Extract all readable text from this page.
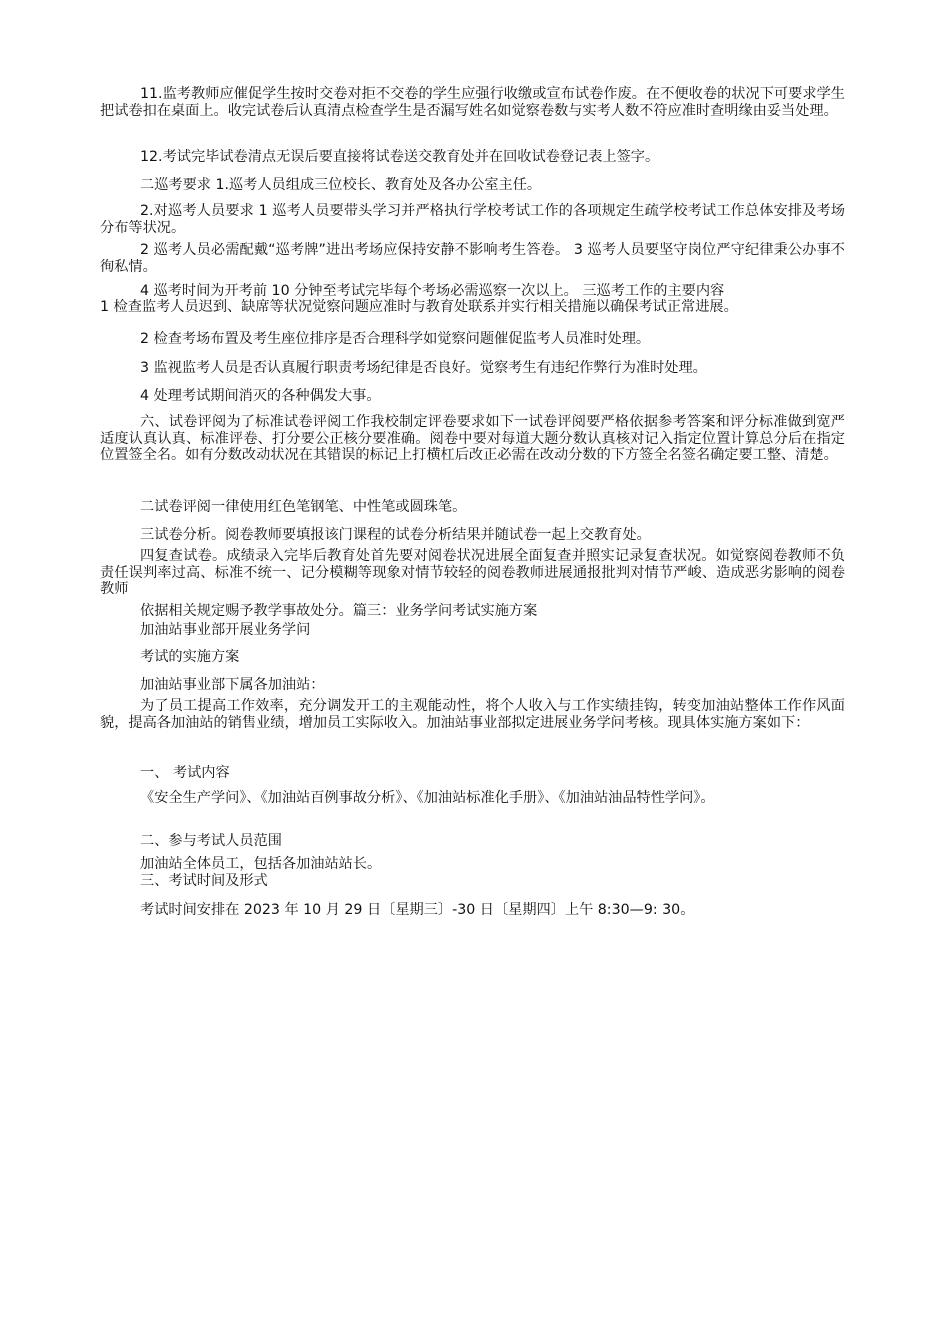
11.监考教师应催促学生按时交卷对拒不交卷的学生应强行收缴或宣布试卷作废。在不便收卷的状况下可要求学生把试卷扣在桌面上。收完试卷后认真清点检查学生是否漏写姓名如觉察卷数与实考人数不符应准时查明缘由妥当处理。

12.考试完毕试卷清点无误后要直接将试卷送交教育处并在回收试卷登记表上签字。

二巡考要求 1.巡考人员组成三位校长、教育处及各办公室主任。

2.对巡考人员要求 1 巡考人员要带头学习并严格执行学校考试工作的各项规定生疏学校考试工作总体安排及考场分布等状况。

2 巡考人员必需配戴“巡考牌”进出考场应保持安静不影响考生答卷。 3 巡考人员要坚守岗位严守纪律秉公办事不徇私情。

4 巡考时间为开考前 10 分钟至考试完毕每个考场必需巡察一次以上。 三巡考工作的主要内容

1 检查监考人员迟到、缺席等状况觉察问题应准时与教育处联系并实行相关措施以确保考试正常进展。

2 检查考场布置及考生座位排序是否合理科学如觉察问题催促监考人员准时处理。

3 监视监考人员是否认真履行职责考场纪律是否良好。觉察考生有违纪作弊行为准时处理。

4 处理考试期间消灭的各种偶发大事。

六、试卷评阅为了标准试卷评阅工作我校制定评卷要求如下一试卷评阅要严格依据参考答案和评分标准做到宽严适度认真认真、标准评卷、打分要公正核分要准确。阅卷中要对每道大题分数认真核对记入指定位置计算总分后在指定位置签全名。如有分数改动状况在其错误的标记上打横杠后改正必需在改动分数的下方签全名签名确定要工整、清楚。

二试卷评阅一律使用红色笔钢笔、中性笔或圆珠笔。

三试卷分析。阅卷教师要填报该门课程的试卷分析结果并随试卷一起上交教育处。

四复查试卷。成绩录入完毕后教育处首先要对阅卷状况进展全面复查并照实记录复查状况。如觉察阅卷教师不负责任误判率过高、标准不统一、记分模糊等现象对情节较轻的阅卷教师进展通报批判对情节严峻、造成恶劣影响的阅卷教师

依据相关规定赐予教学事故处分。篇三：业务学问考试实施方案

加油站事业部开展业务学问

考试的实施方案

加油站事业部下属各加油站：

为了员工提高工作效率，充分调发开工的主观能动性，将个人收入与工作实绩挂钩，转变加油站整体工作作风面貌，提高各加油站的销售业绩，增加员工实际收入。加油站事业部拟定进展业务学问考核。现具体实施方案如下：

一、 考试内容

《安全生产学问》、《加油站百例事故分析》、《加油站标准化手册》、《加油站油品特性学问》。

二、参与考试人员范围

加油站全体员工，包括各加油站站长。

三、考试时间及形式

考试时间安排在 2023 年 10 月 29 日〔星期三〕-30 日〔星期四〕上午 8:30—9: 30。
